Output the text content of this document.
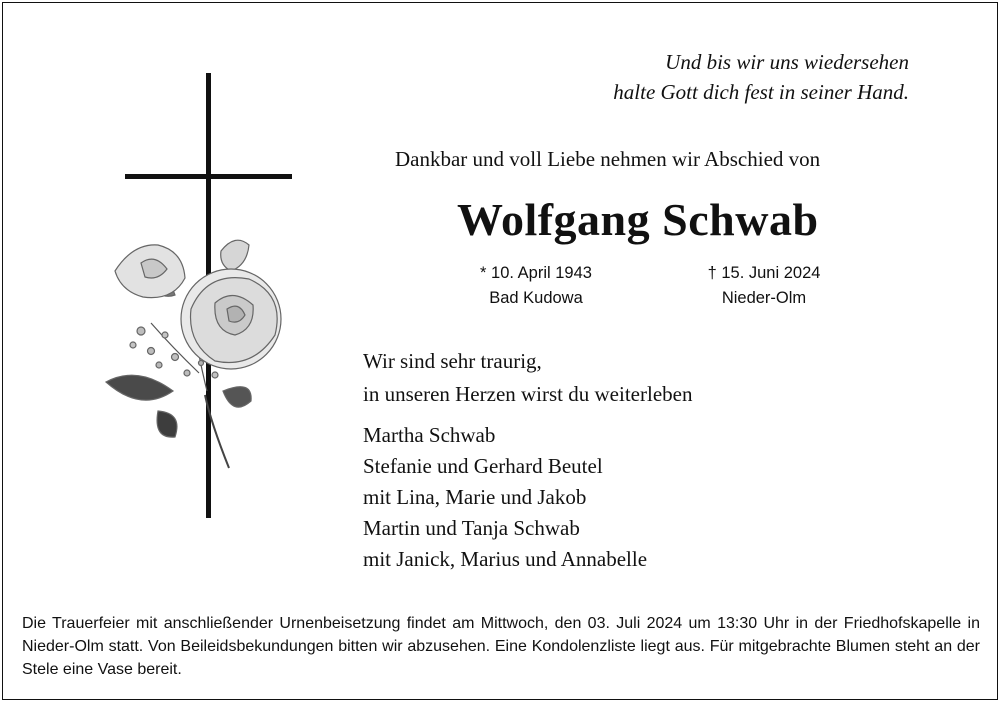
Und bis wir uns wiedersehen
halte Gott dich fest in seiner Hand.
Dankbar und voll Liebe nehmen wir Abschied von
Wolfgang Schwab
* 10. April 1943
Bad Kudowa
† 15. Juni 2024
Nieder-Olm
Wir sind sehr traurig,
in unseren Herzen wirst du weiterleben
Martha Schwab
Stefanie und Gerhard Beutel
mit Lina, Marie und Jakob
Martin und Tanja Schwab
mit Janick, Marius und Annabelle
Die Trauerfeier mit anschließender Urnenbeisetzung findet am Mittwoch, den 03. Juli 2024 um 13:30 Uhr in der Friedhofskapelle in Nieder-Olm statt. Von Beileidsbekundungen bitten wir abzusehen. Eine Kondolenzliste liegt aus. Für mitgebrachte Blumen steht an der Stele eine Vase bereit.
